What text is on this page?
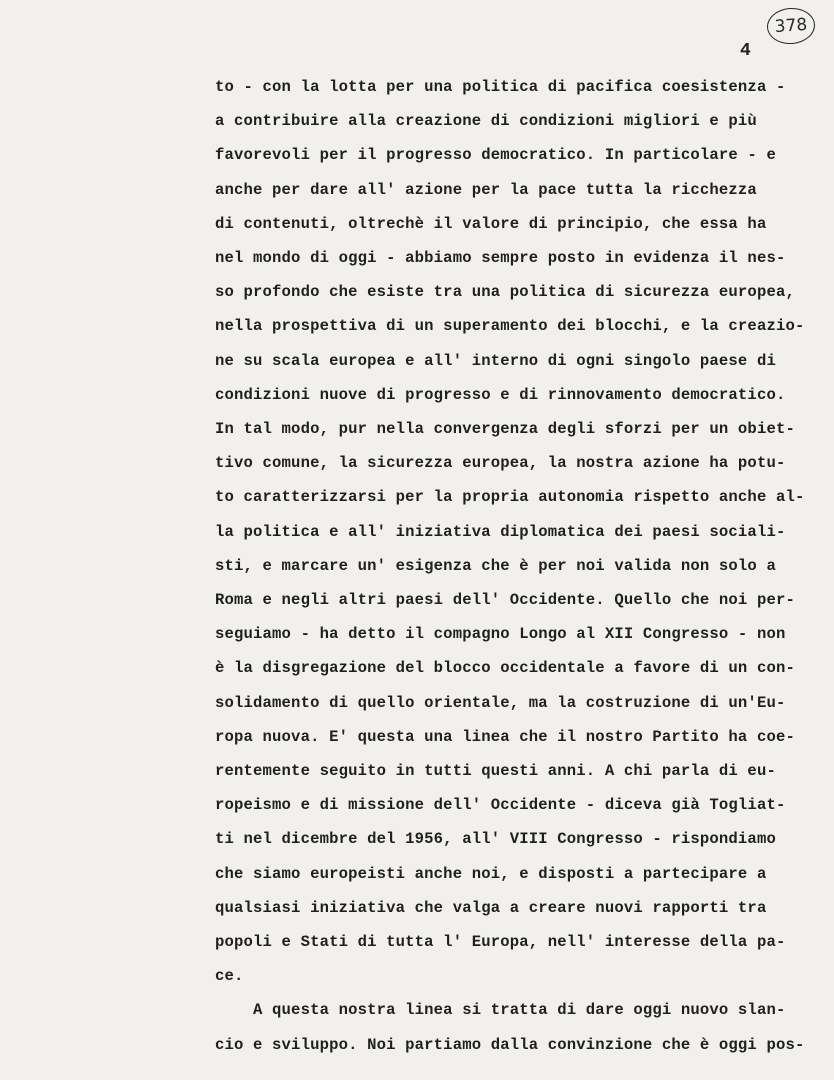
378
4
to - con la lotta per una politica di pacifica coesistenza -
a contribuire alla creazione di condizioni migliori e più
favorevoli per il progresso democratico. In particolare - e
anche per dare all' azione per la pace tutta la ricchezza
di contenuti, oltrechè il valore di principio, che essa ha
nel mondo di oggi - abbiamo sempre posto in evidenza il nes-
so profondo che esiste tra una politica di sicurezza europea,
nella prospettiva di un superamento dei blocchi, e la creazio-
ne su scala europea e all' interno di ogni singolo paese di
condizioni nuove di progresso e di rinnovamento democratico.
In tal modo, pur nella convergenza degli sforzi per un obiet-
tivo comune, la sicurezza europea, la nostra azione ha potu-
to caratterizzarsi per la propria autonomia rispetto anche al-
la politica e all' iniziativa diplomatica dei paesi sociali-
sti, e marcare un' esigenza che è per noi valida non solo a
Roma e negli altri paesi dell' Occidente. Quello che noi per-
seguiamo - ha detto il compagno Longo al XII Congresso - non
è la disgregazione del blocco occidentale a favore di un con-
solidamento di quello orientale, ma la costruzione di un'Eu-
ropa nuova. E' questa una linea che il nostro Partito ha coe-
rentemente seguito in tutti questi anni. A chi parla di eu-
ropeismo e di missione dell' Occidente - diceva già Togliat-
ti nel dicembre del 1956, all' VIII Congresso - rispondiamo
che siamo europeisti anche noi, e disposti a partecipare a
qualsiasi iniziativa che valga a creare nuovi rapporti tra
popoli e Stati di tutta l' Europa, nell' interesse della pa-
ce.
A questa nostra linea si tratta di dare oggi nuovo slan-
cio e sviluppo. Noi partiamo dalla convinzione che è oggi pos-
